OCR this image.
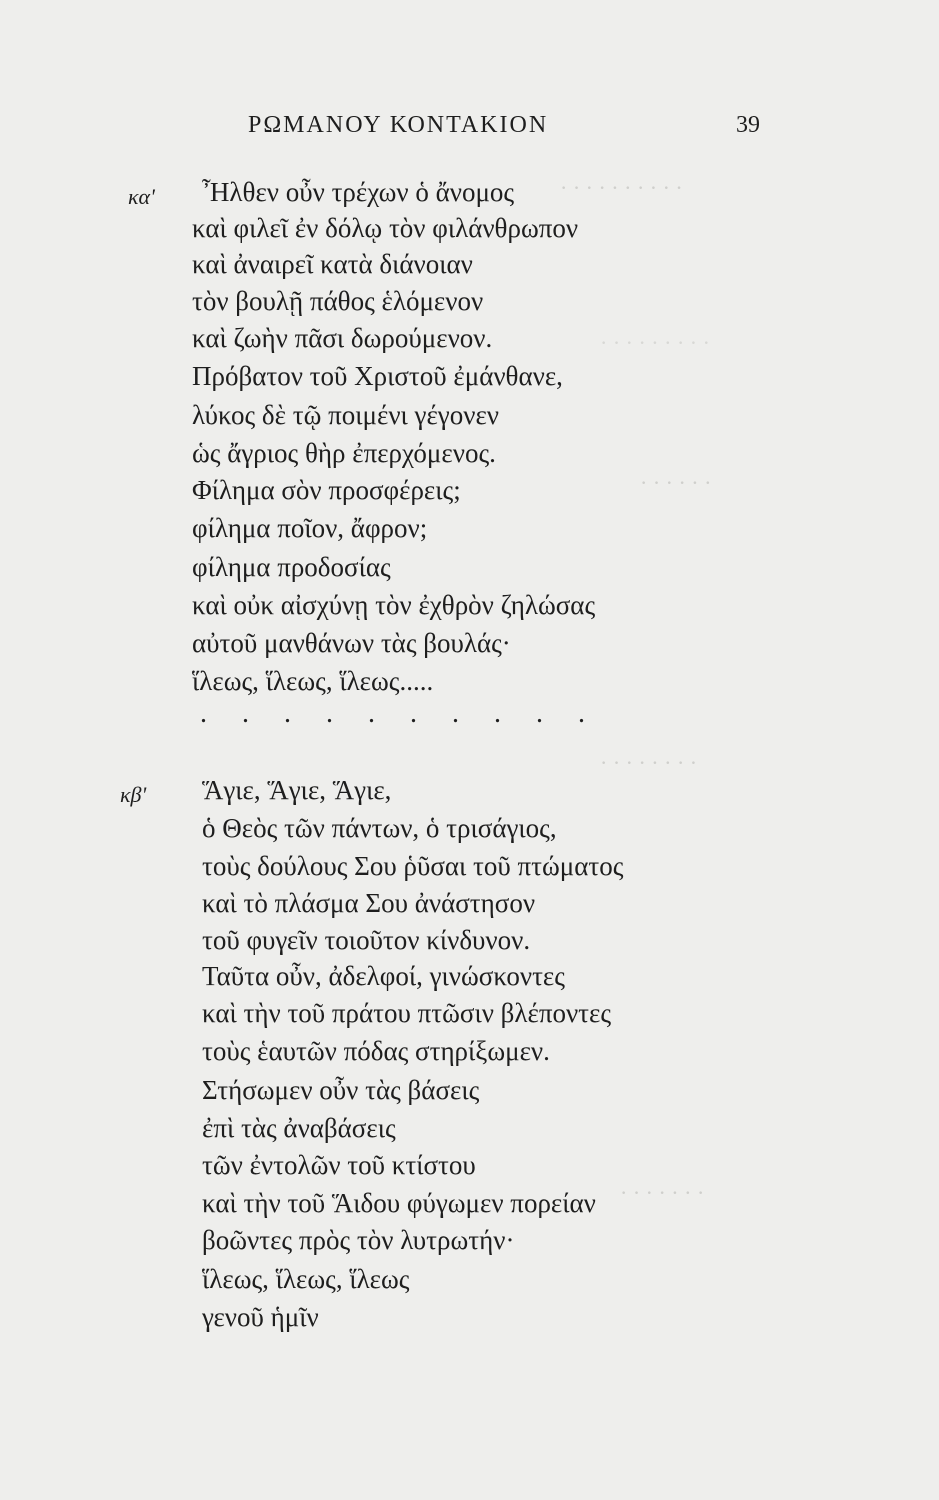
· · · · · · · · · ·
· · · · · · · · ·
· · · · · ·
· · · · · · · ·
· · · · · · ·
ΡΩΜΑΝΟΥ ΚΟΝΤΑΚΙΟΝ	39
κα' Ἦλθεν οὖν τρέχων ὁ ἄνομος
καὶ φιλεῖ ἐν δόλῳ τὸν φιλάνθρωπον
καὶ ἀναιρεῖ κατὰ διάνοιαν
τὸν βουλῇ πάθος ἑλόμενον
καὶ ζωὴν πᾶσι δωρούμενον.
Πρόβατον τοῦ Χριστοῦ ἐμάνθανε,
λύκος δὲ τῷ ποιμένι γέγονεν
ὡς ἄγριος θὴρ ἐπερχόμενος.
Φίλημα σὸν προσφέρεις;
φίλημα ποῖον, ἄφρον;
φίλημα προδοσίας
καὶ οὐκ αἰσχύνῃ τὸν ἐχθρὸν ζηλώσας
αὐτοῦ μανθάνων τὰς βουλάς·
ἵλεως, ἵλεως, ἵλεως.....
. . . . . . . . . .
κβ' Ἅγιε, Ἅγιε, Ἅγιε,
ὁ Θεὸς τῶν πάντων, ὁ τρισάγιος,
τοὺς δούλους Σου ῥῦσαι τοῦ πτώματος
καὶ τὸ πλάσμα Σου ἀνάστησον
τοῦ φυγεῖν τοιοῦτον κίνδυνον.
Ταῦτα οὖν, ἀδελφοί, γινώσκοντες
καὶ τὴν τοῦ πράτου πτῶσιν βλέποντες
τοὺς ἑαυτῶν πόδας στηρίξωμεν.
Στήσωμεν οὖν τὰς βάσεις
ἐπὶ τὰς ἀναβάσεις
τῶν ἐντολῶν τοῦ κτίστου
καὶ τὴν τοῦ Ἅιδου φύγωμεν πορείαν
βοῶντες πρὸς τὸν λυτρωτήν·
ἵλεως, ἵλεως, ἵλεως
γενοῦ ἡμῖν
